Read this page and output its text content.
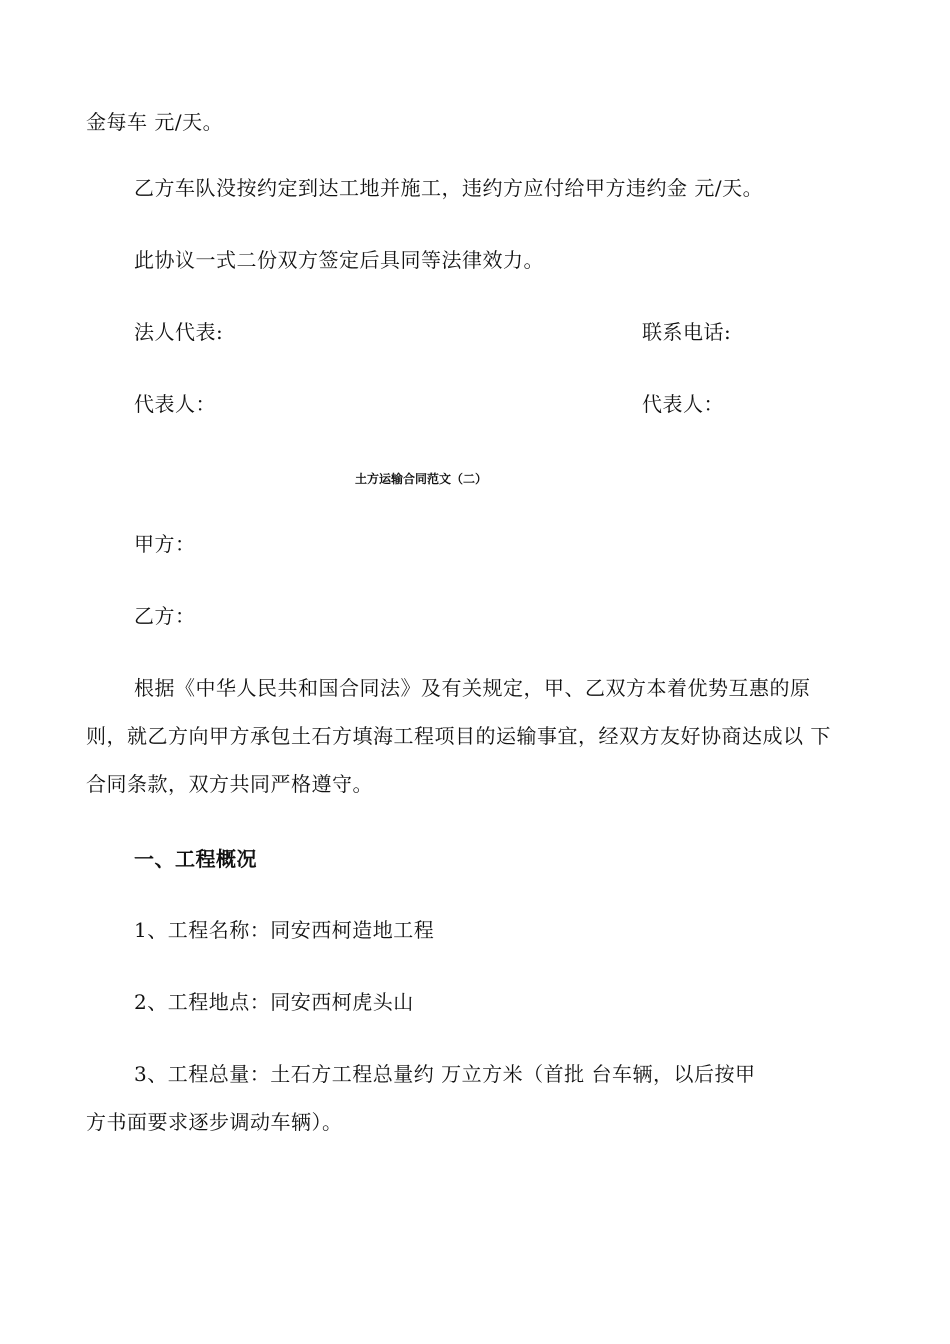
金每车 元/天。

乙方车队没按约定到达工地并施工，违约方应付给甲方违约金 元/天。

此协议一式二份双方签定后具同等法律效力。

法人代表:	联系电话:

代表人：	代表人：

土方运输合同范文（二）

甲方：

乙方：

根据《中华人民共和国合同法》及有关规定，甲、乙双方本着优势互惠的原

则，就乙方向甲方承包土石方填海工程项目的运输事宜，经双方友好协商达成以 下

合同条款，双方共同严格遵守。

一、工程概况

1、工程名称：同安西柯造地工程

2、工程地点：同安西柯虎头山

3、工程总量：土石方工程总量约 万立方米（首批 台车辆，以后按甲

方书面要求逐步调动车辆）。
